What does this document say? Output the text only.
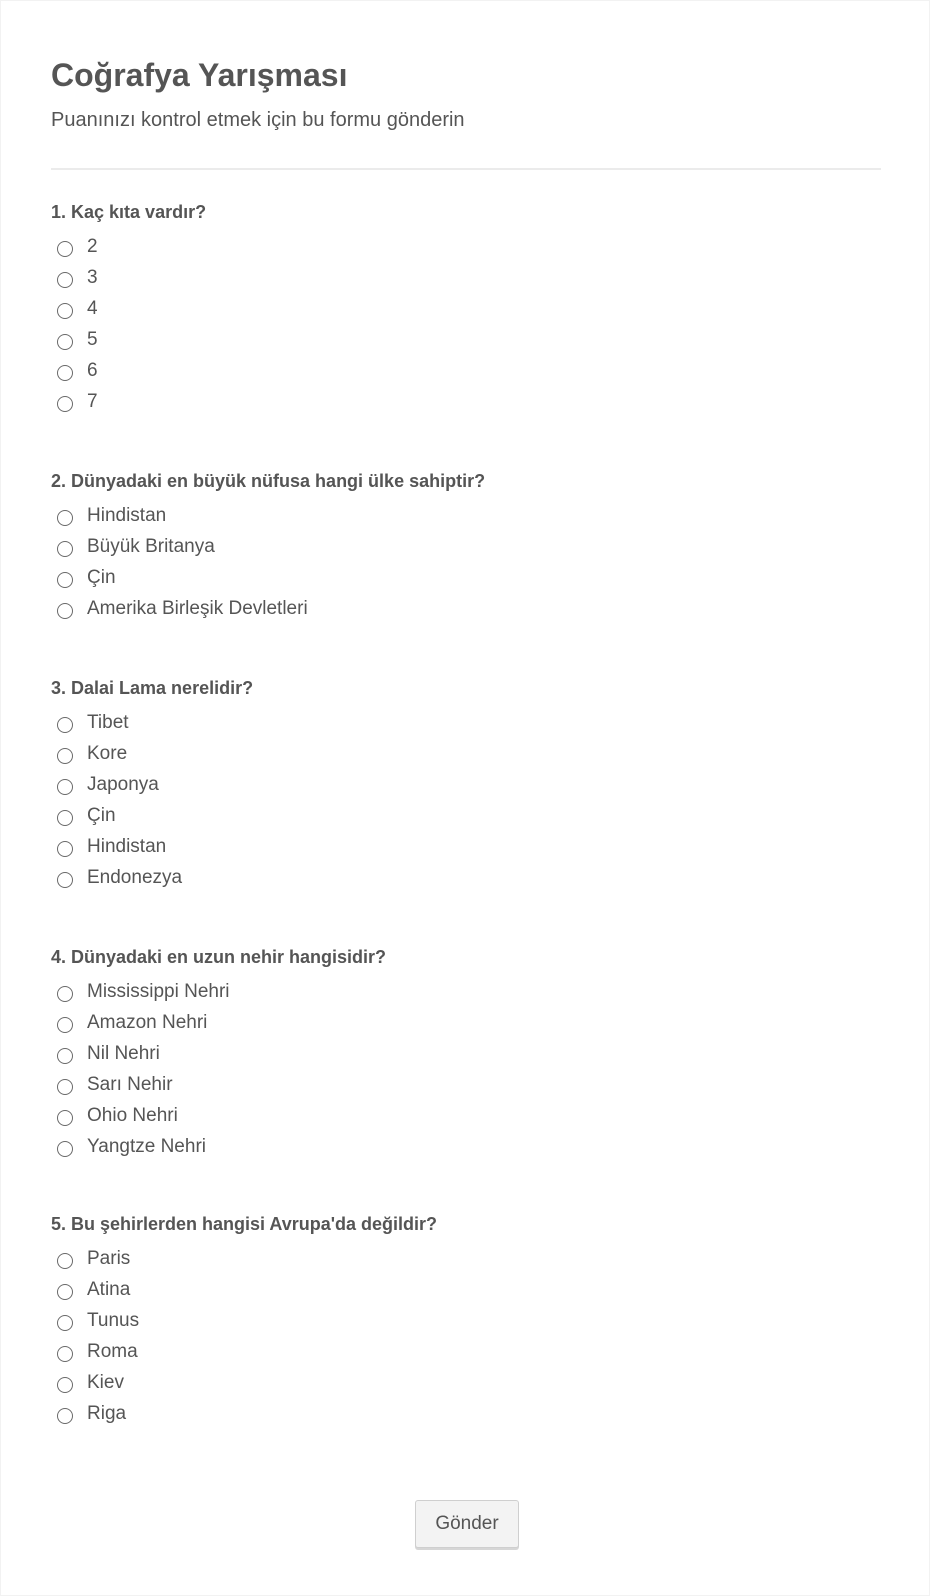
Coğrafya Yarışması
Puanınızı kontrol etmek için bu formu gönderin
1. Kaç kıta vardır?
2
3
4
5
6
7
2. Dünyadaki en büyük nüfusa hangi ülke sahiptir?
Hindistan
Büyük Britanya
Çin
Amerika Birleşik Devletleri
3. Dalai Lama nerelidir?
Tibet
Kore
Japonya
Çin
Hindistan
Endonezya
4. Dünyadaki en uzun nehir hangisidir?
Mississippi Nehri
Amazon Nehri
Nil Nehri
Sarı Nehir
Ohio Nehri
Yangtze Nehri
5. Bu şehirlerden hangisi Avrupa'da değildir?
Paris
Atina
Tunus
Roma
Kiev
Riga
Gönder
